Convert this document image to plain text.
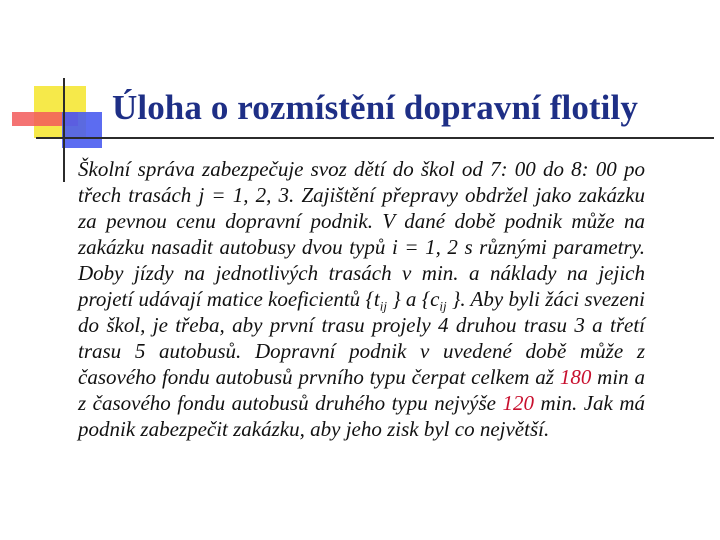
Úloha o rozmístění dopravní flotily

Školní správa zabezpečuje svoz dětí do škol od 7: 00 do 8: 00 po třech trasách j = 1, 2, 3. Zajištění přepravy obdržel jako zakázku za pevnou cenu dopravní podnik. V dané době podnik může na zakázku nasadit autobusy dvou typů i = 1, 2 s různými parametry. Doby jízdy na jednotlivých trasách v min. a náklady na jejich projetí udávají matice koeficientů {$t_{ij}$ } a {$c_{ij}$ }. Aby byli žáci svezeni do škol, je třeba, aby první trasu projely 4 druhou trasu 3 a třetí trasu 5 autobusů. Dopravní podnik v uvedené době může z časového fondu autobusů prvního typu čerpat celkem až 180 min a z časového fondu autobusů druhého typu nejvýše 120 min. Jak má podnik zabezpečit zakázku, aby jeho zisk byl co největší.
